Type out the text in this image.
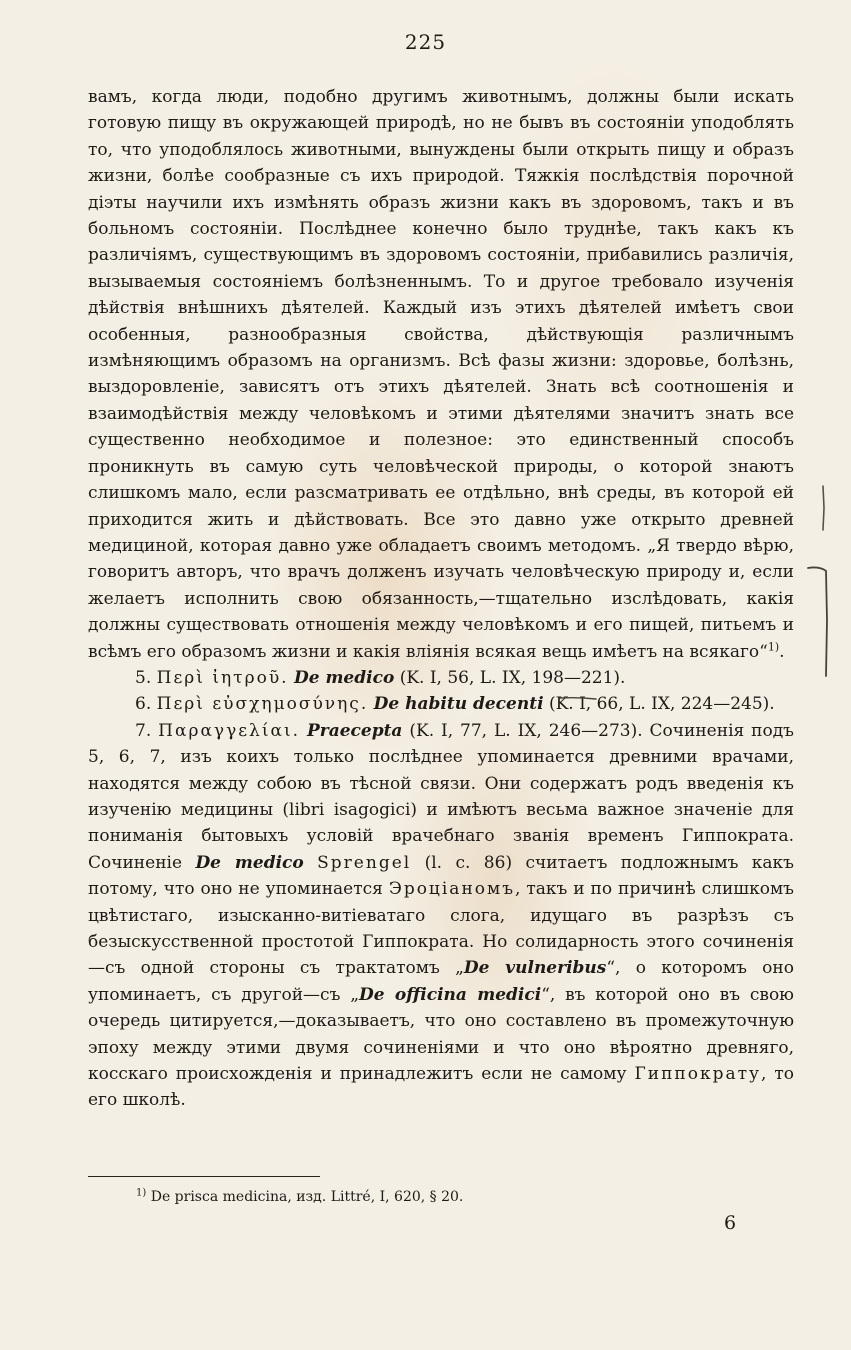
225

вамъ, когда люди, подобно другимъ животнымъ, должны были искать готовую пищу въ окружающей природѣ, но не бывъ въ состояніи уподоблять то, что уподоблялось животными, вынуждены были открыть пищу и образъ жизни, болѣе сообразные съ ихъ природой. Тяжкія послѣдствія порочной діэты научили ихъ измѣнять образъ жизни какъ въ здоровомъ, такъ и въ больномъ состояніи. Послѣднее конечно было труднѣе, такъ какъ къ различіямъ, существующимъ въ здоровомъ состояніи, прибавились различія, вызываемыя состояніемъ болѣзненнымъ. То и другое требовало изученія дѣйствія внѣшнихъ дѣятелей. Каждый изъ этихъ дѣятелей имѣетъ свои особенныя, разнообразныя свойства, дѣйствующія различнымъ измѣняющимъ образомъ на организмъ. Всѣ фазы жизни: здоровье, болѣзнь, выздоровленіе, зависятъ отъ этихъ дѣятелей. Знать всѣ соотношенія и взаимодѣйствія между человѣкомъ и этими дѣятелями значитъ знать все существенно необходимое и полезное: это единственный способъ проникнуть въ самую суть человѣческой природы, о которой знаютъ слишкомъ мало, если разсматривать ее отдѣльно, внѣ среды, въ которой ей приходится жить и дѣйствовать. Все это давно уже открыто древней медициной, которая давно уже обладаетъ своимъ методомъ. „Я твердо вѣрю, говоритъ авторъ, что врачъ долженъ изучать человѣческую природу и, если желаетъ исполнить свою обязанность,—тщательно изслѣдовать, какія должны существовать отношенія между человѣкомъ и его пищей, питьемъ и всѣмъ его образомъ жизни и какія вліянія всякая вещь имѣетъ на всякаго“$^{1)}$.

5. Περὶ ἰητροῦ. De medico (K. I, 56, L. IX, 198—221).

6. Περὶ εὐσχημοσύνης. De habitu decenti (K. I, 66, L. IX, 224—245).

7. Παραγγελίαι. Praecepta (K. I, 77, L. IX, 246—273). Сочиненія подъ 5, 6, 7, изъ коихъ только послѣднее упоминается древними врачами, находятся между собою въ тѣсной связи. Они содержатъ родъ введенія къ изученію медицины (libri isagogici) и имѣютъ весьма важное значеніе для пониманія бытовыхъ условій врачебнаго званія временъ Гиппократа. Сочиненіе De medico Sprengel (l. c. 86) считаетъ подложнымъ какъ потому, что оно не упоминается Эроціаномъ, такъ и по причинѣ слишкомъ цвѣтистаго, изысканно-витіеватаго слога, идущаго въ разрѣзъ съ безыскусственной простотой Гиппократа. Но солидарность этого сочиненія—съ одной стороны съ трактатомъ „De vulneribus“, о которомъ оно упоминаетъ, съ другой—съ „De officina medici“, въ которой оно въ свою очередь цитируется,—доказываетъ, что оно составлено въ промежуточную эпоху между этими двумя сочиненіями и что оно вѣроятно древняго, косскаго происхожденія и принадлежитъ если не самому Гиппократу, то его школѣ.

$^{1)}$ De prisca medicina, изд. Littré, I, 620, § 20.
6
